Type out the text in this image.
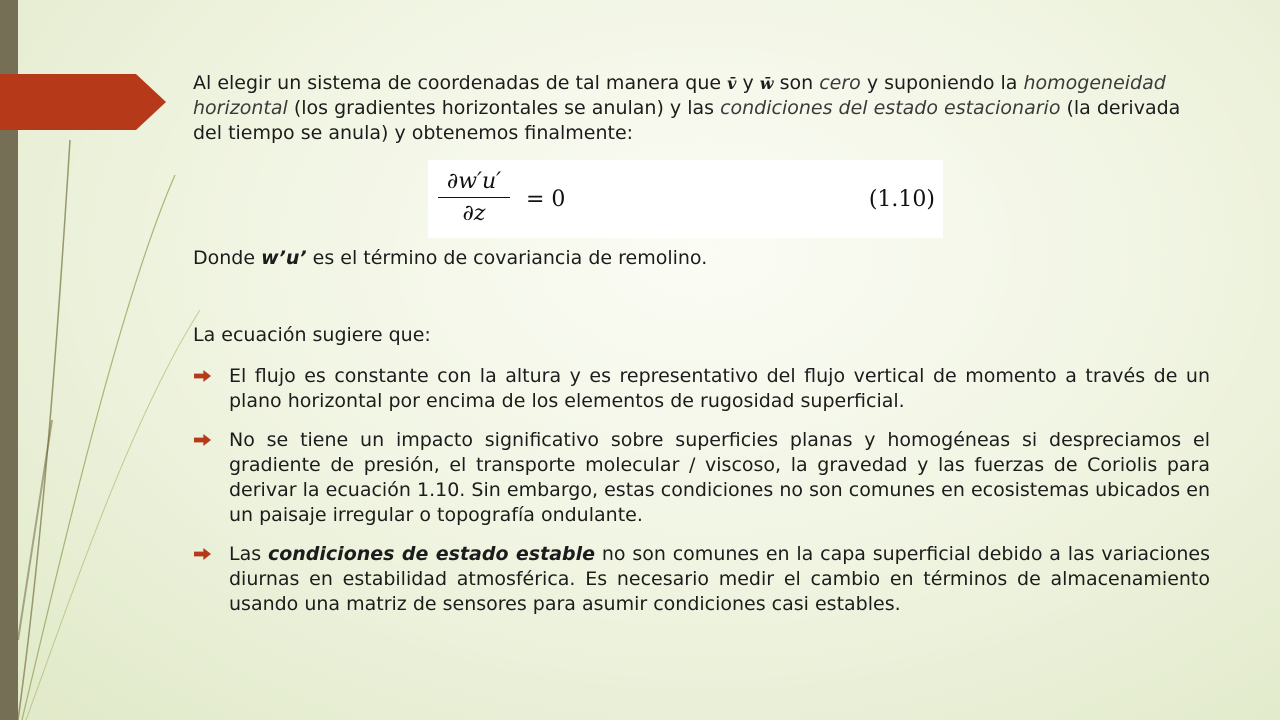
Al elegir un sistema de coordenadas de tal manera que v̄ y w̄ son cero y suponiendo la homogeneidad horizontal (los gradientes horizontales se anulan) y las condiciones del estado estacionario (la derivada del tiempo se anula) y obtenemos finalmente:

$\frac{\partial w'u'}{\partial z} = 0$	(1.10)
Donde w’u’ es el término de covariancia de remolino.
La ecuación sugiere que:
El flujo es constante con la altura y es representativo del flujo vertical de momento a través de un plano horizontal por encima de los elementos de rugosidad superficial.
No se tiene un impacto significativo sobre superficies planas y homogéneas si despreciamos el gradiente de presión, el transporte molecular / viscoso, la gravedad y las fuerzas de Coriolis para derivar la ecuación 1.10. Sin embargo, estas condiciones no son comunes en ecosistemas ubicados en un paisaje irregular o topografía ondulante.
Las condiciones de estado estable no son comunes en la capa superficial debido a las variaciones diurnas en estabilidad atmosférica. Es necesario medir el cambio en términos de almacenamiento usando una matriz de sensores para asumir condiciones casi estables.
